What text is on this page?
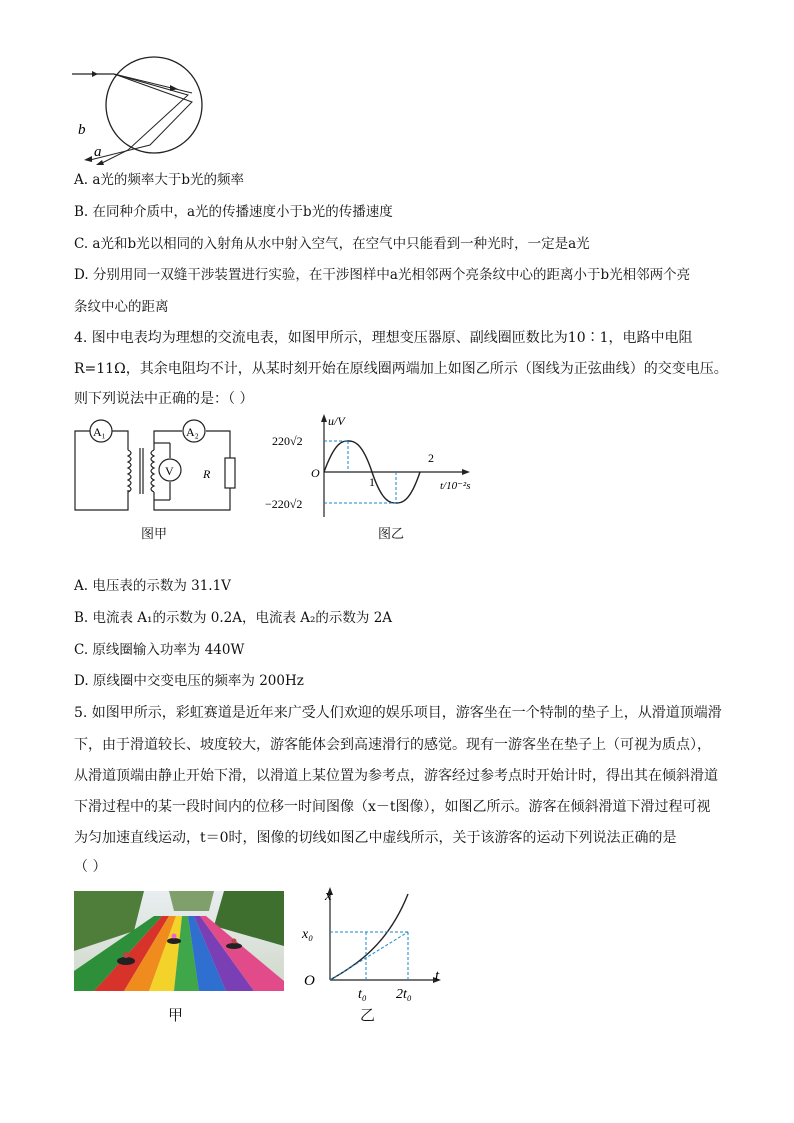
b
a
A. a光的频率大于b光的频率
B. 在同种介质中，a光的传播速度小于b光的传播速度
C. a光和b光以相同的入射角从水中射入空气，在空气中只能看到一种光时，一定是a光
D. 分别用同一双缝干涉装置进行实验，在干涉图样中a光相邻两个亮条纹中心的距离小于b光相邻两个亮
条纹中心的距离
4. 图中电表均为理想的交流电表，如图甲所示，理想变压器原、副线圈匝数比为10∶1，电路中电阻
R=11Ω，其余电阻均不计，从某时刻开始在原线圈两端加上如图乙所示（图线为正弦曲线）的交变电压。
则下列说法中正确的是：（ ）
A₁	A₂
V R
图甲
u/V
220√2
−220√2
O
1
2
t/10⁻²s
图乙
A. 电压表的示数为 31.1V
B. 电流表 A₁的示数为 0.2A，电流表 A₂的示数为 2A
C. 原线圈输入功率为 440W
D. 原线圈中交变电压的频率为 200Hz
5. 如图甲所示，彩虹赛道是近年来广受人们欢迎的娱乐项目，游客坐在一个特制的垫子上，从滑道顶端滑
下，由于滑道较长、坡度较大，游客能体会到高速滑行的感觉。现有一游客坐在垫子上（可视为质点），
从滑道顶端由静止开始下滑，以滑道上某位置为参考点，游客经过参考点时开始计时，得出其在倾斜滑道
下滑过程中的某一段时间内的位移一时间图像（x－t图像），如图乙所示。游客在倾斜滑道下滑过程可视
为匀加速直线运动，t＝0时，图像的切线如图乙中虚线所示，关于该游客的运动下列说法正确的是
（ ）
甲
x
t
O
x₀
t₀ 2t₀
乙
